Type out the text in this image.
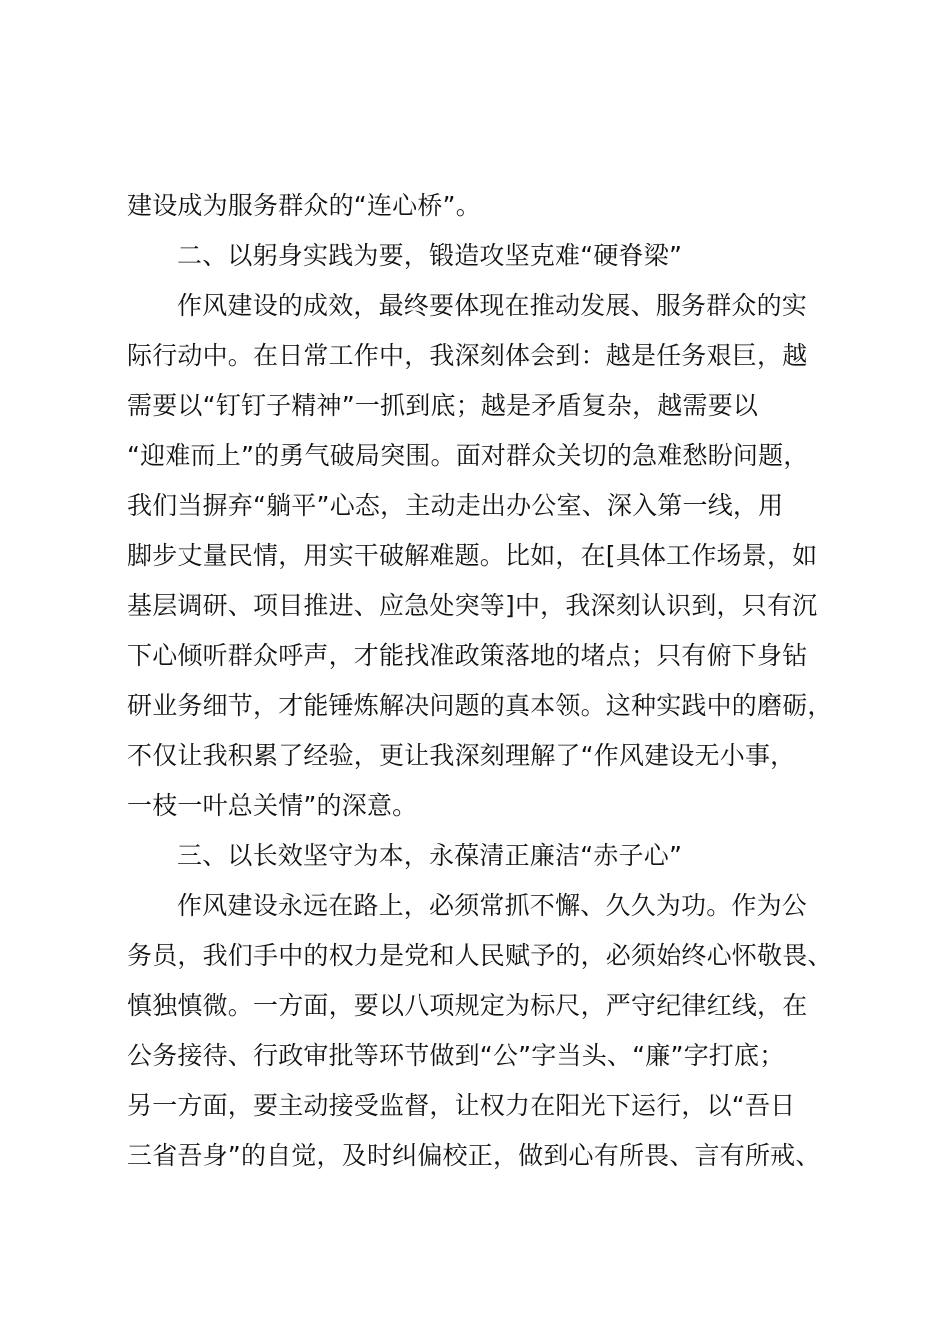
建设成为服务群众的“连心桥”。
二、以躬身实践为要，锻造攻坚克难“硬脊梁”
作风建设的成效，最终要体现在推动发展、服务群众的实
际行动中。在日常工作中，我深刻体会到：越是任务艰巨，越
需要以“钉钉子精神”一抓到底；越是矛盾复杂，越需要以
“迎难而上”的勇气破局突围。面对群众关切的急难愁盼问题，
我们当摒弃“躺平”心态，主动走出办公室、深入第一线，用
脚步丈量民情，用实干破解难题。比如，在[具体工作场景，如
基层调研、项目推进、应急处突等]中，我深刻认识到，只有沉
下心倾听群众呼声，才能找准政策落地的堵点；只有俯下身钻
研业务细节，才能锤炼解决问题的真本领。这种实践中的磨砺，
不仅让我积累了经验，更让我深刻理解了“作风建设无小事，
一枝一叶总关情”的深意。
三、以长效坚守为本，永葆清正廉洁“赤子心”
作风建设永远在路上，必须常抓不懈、久久为功。作为公
务员，我们手中的权力是党和人民赋予的，必须始终心怀敬畏、
慎独慎微。一方面，要以八项规定为标尺，严守纪律红线，在
公务接待、行政审批等环节做到“公”字当头、“廉”字打底；
另一方面，要主动接受监督，让权力在阳光下运行，以“吾日
三省吾身”的自觉，及时纠偏校正，做到心有所畏、言有所戒、
